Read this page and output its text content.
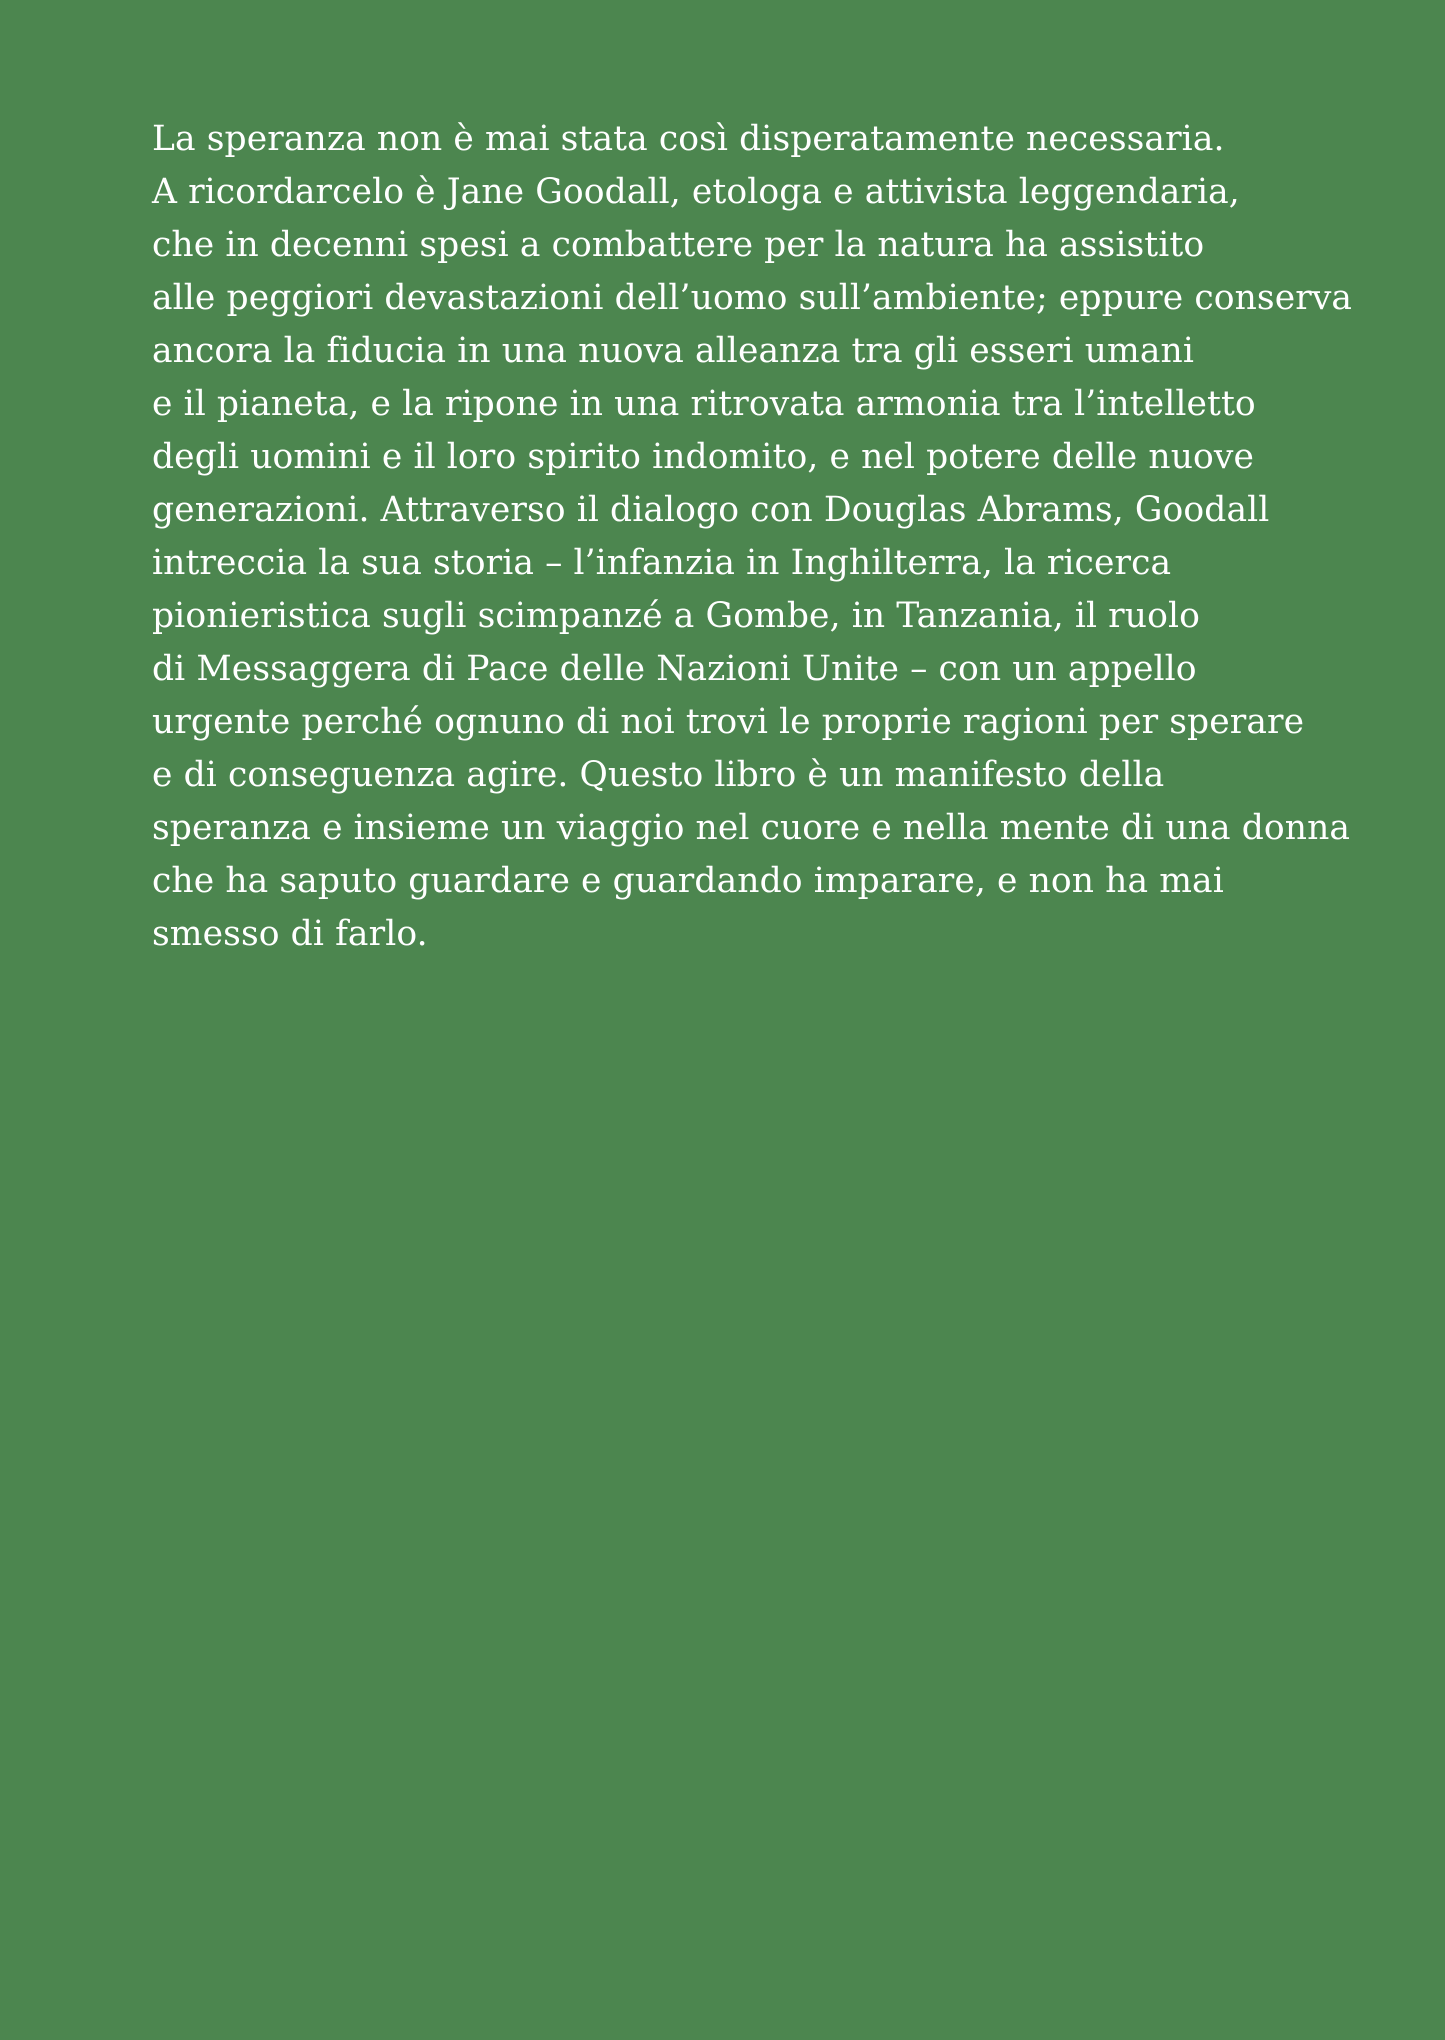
La speranza non è mai stata così disperatamente necessaria.
A ricordarcelo è Jane Goodall, etologa e attivista leggendaria,
che in decenni spesi a combattere per la natura ha assistito
alle peggiori devastazioni dell’uomo sull’ambiente; eppure conserva
ancora la fiducia in una nuova alleanza tra gli esseri umani
e il pianeta, e la ripone in una ritrovata armonia tra l’intelletto
degli uomini e il loro spirito indomito, e nel potere delle nuove
generazioni. Attraverso il dialogo con Douglas Abrams, Goodall
intreccia la sua storia – l’infanzia in Inghilterra, la ricerca
pionieristica sugli scimpanzé a Gombe, in Tanzania, il ruolo
di Messaggera di Pace delle Nazioni Unite – con un appello
urgente perché ognuno di noi trovi le proprie ragioni per sperare
e di conseguenza agire. Questo libro è un manifesto della
speranza e insieme un viaggio nel cuore e nella mente di una donna
che ha saputo guardare e guardando imparare, e non ha mai
smesso di farlo.
